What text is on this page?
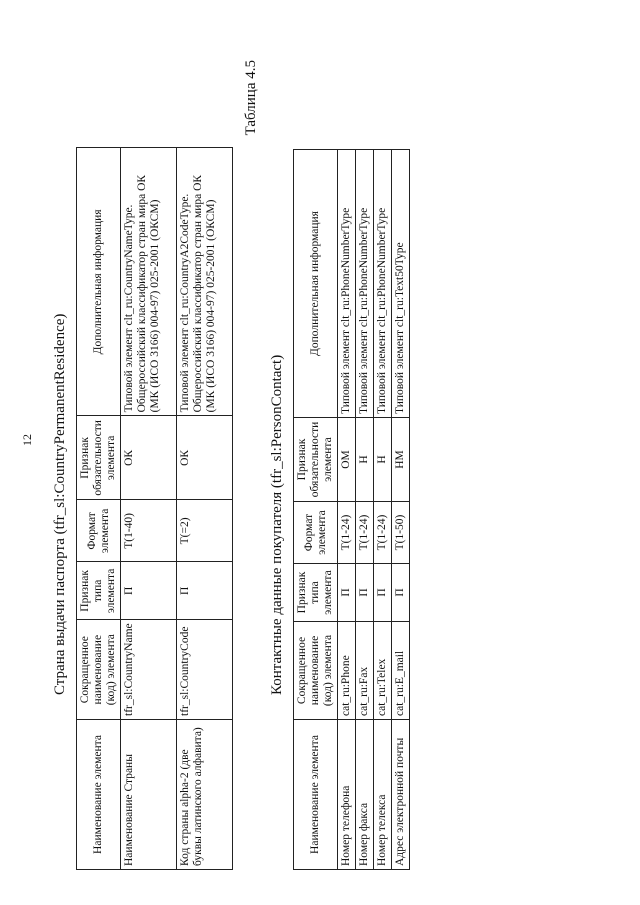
12 Страна выдачи паспорта (tfr_sl:CountryPermanentResidence)
Наименование элемента	Сокращенное наименование (код) элемента	Признак типа элемента	Формат элемента	Признак обязательности элемента	Дополнительная информация
Наименование Страны	tfr_sl:CountryName	П	T(1-40)	ОК	Типовой элемент clt_ru:CountryNameType. Общероссийский классификатор стран мира ОК (МК (ИСО 3166) 004-97) 025-2001 (ОКСМ)
Код страны alpha-2 (две буквы латинского алфавита)	tfr_sl:CountryCode	П	T(=2)	ОК	Типовой элемент clt_ru:CountryA2CodeType. Общероссийский классификатор стран мира ОК (МК (ИСО 3166) 004-97) 025-2001 (ОКСМ)
Таблица 4.5
Контактные данные покупателя (tfr_sl:PersonContact)
Наименование элемента	Сокращенное наименование (код) элемента	Признак типа элемента	Формат элемента	Признак обязательности элемента	Дополнительная информация
Номер телефона	cat_ru:Phone	П	T(1-24)	ОМ	Типовой элемент clt_ru:PhoneNumberType
Номер факса	cat_ru:Fax	П	T(1-24)	Н	Типовой элемент clt_ru:PhoneNumberType
Номер телекса	cat_ru:Telex	П	T(1-24)	Н	Типовой элемент clt_ru:PhoneNumberType
Адрес электронной почты	cat_ru:E_mail	П	T(1-50)	НМ	Типовой элемент clt_ru:Text50Type
